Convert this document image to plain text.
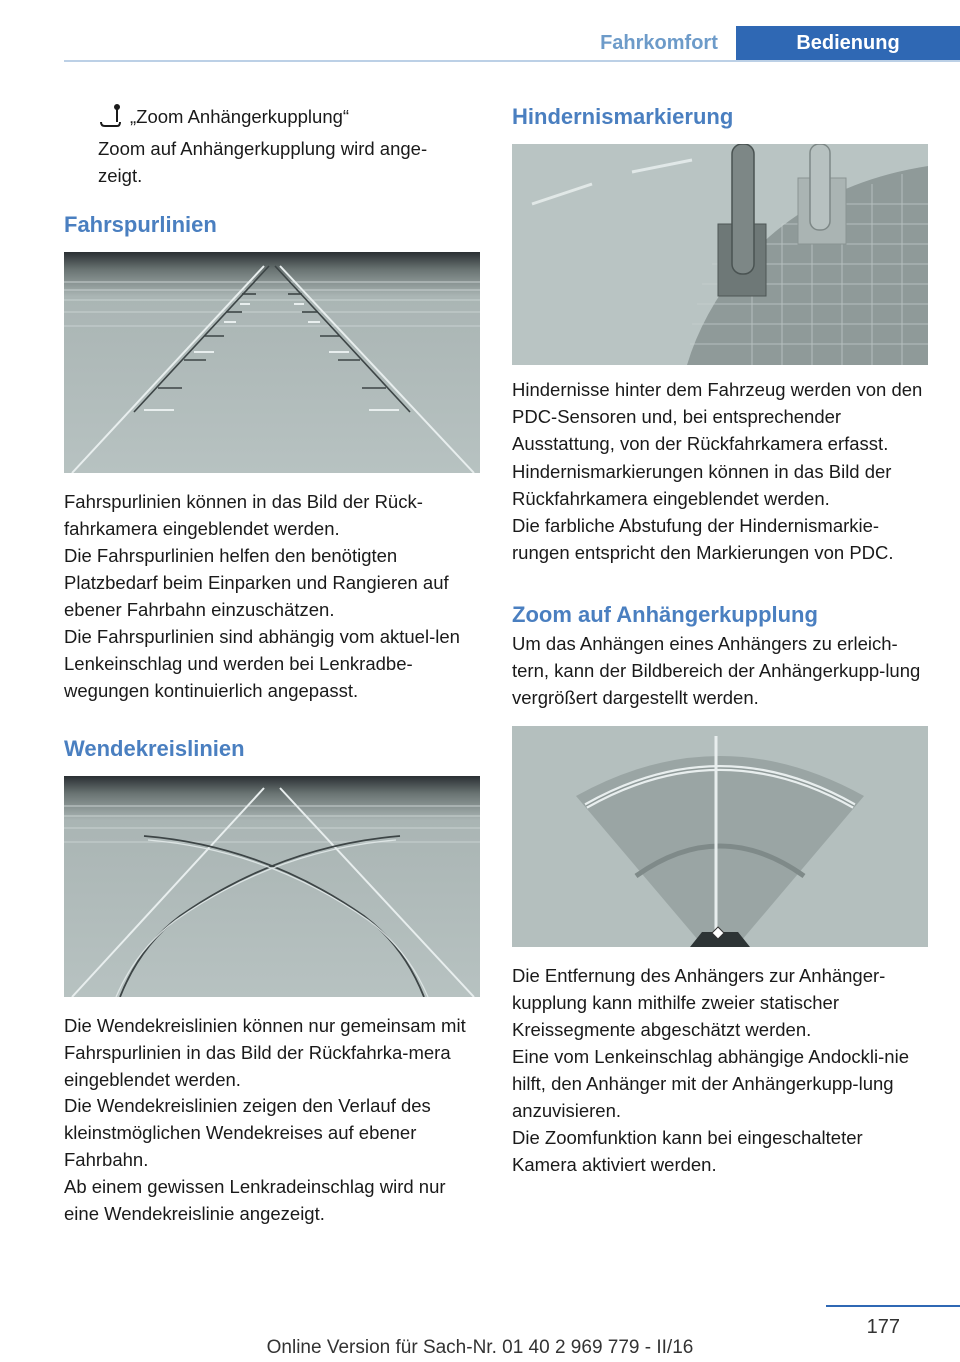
Fahrkomfort	Bedienung

„Zoom Anhängerkupplung“

Zoom auf Anhängerkupplung wird ange-zeigt.

Fahrspurlinien

Fahrspurlinien können in das Bild der Rück-fahrkamera eingeblendet werden.

Die Fahrspurlinien helfen den benötigten Platzbedarf beim Einparken und Rangieren auf ebener Fahrbahn einzuschätzen.

Die Fahrspurlinien sind abhängig vom aktuel-len Lenkeinschlag und werden bei Lenkradbe-wegungen kontinuierlich angepasst.

Wendekreislinien

Die Wendekreislinien können nur gemeinsam mit Fahrspurlinien in das Bild der Rückfahrka-mera eingeblendet werden.

Die Wendekreislinien zeigen den Verlauf des kleinstmöglichen Wendekreises auf ebener Fahrbahn.

Ab einem gewissen Lenkradeinschlag wird nur eine Wendekreislinie angezeigt.

Hindernismarkierung

Hindernisse hinter dem Fahrzeug werden von den PDC-Sensoren und, bei entsprechender Ausstattung, von der Rückfahrkamera erfasst.

Hindernismarkierungen können in das Bild der Rückfahrkamera eingeblendet werden.

Die farbliche Abstufung der Hindernismarkie-rungen entspricht den Markierungen von PDC.

Zoom auf Anhängerkupplung

Um das Anhängen eines Anhängers zu erleich-tern, kann der Bildbereich der Anhängerkupp-lung vergrößert dargestellt werden.

Die Entfernung des Anhängers zur Anhänger-kupplung kann mithilfe zweier statischer Kreissegmente abgeschätzt werden.

Eine vom Lenkeinschlag abhängige Andockli-nie hilft, den Anhänger mit der Anhängerkupp-lung anzuvisieren.

Die Zoomfunktion kann bei eingeschalteter Kamera aktiviert werden.

177
Online Version für Sach-Nr. 01 40 2 969 779 - II/16
